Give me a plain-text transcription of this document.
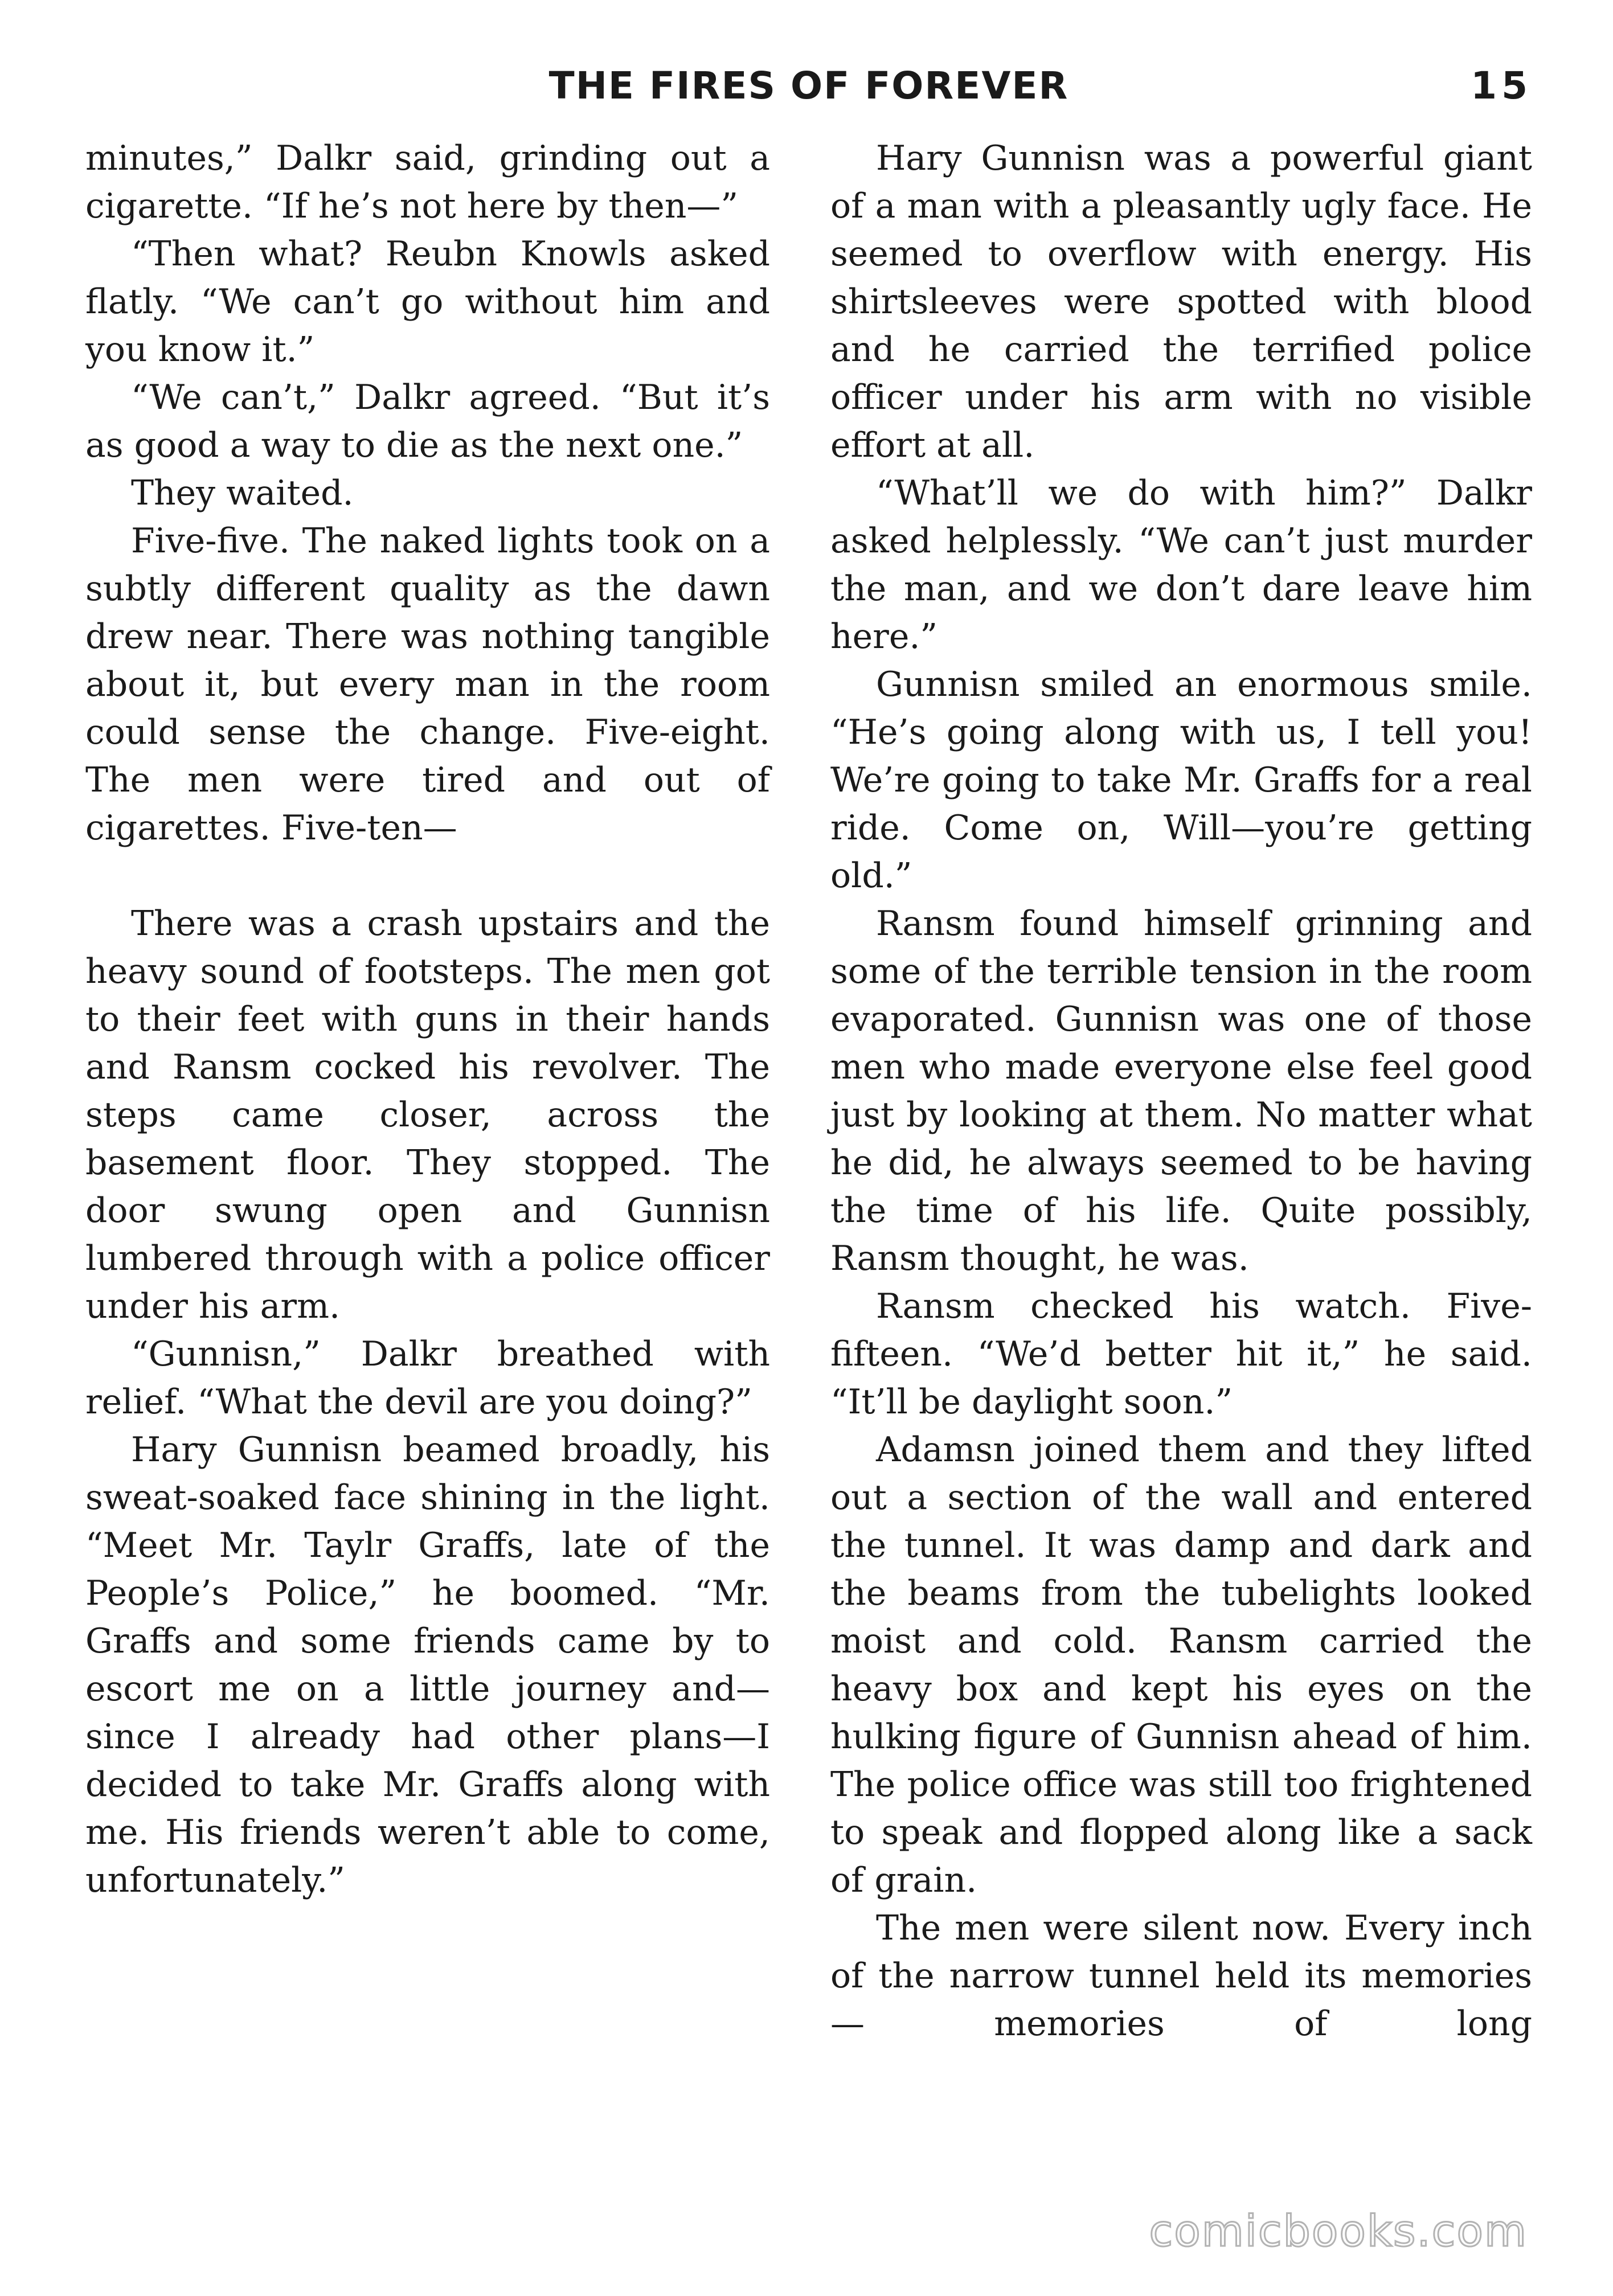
THE FIRES OF FOREVER	15

minutes,” Dalkr said, grinding out a cigarette. “If he’s not here by then—”

“Then what? Reubn Knowls asked flatly. “We can’t go without him and you know it.”

“We can’t,” Dalkr agreed. “But it’s as good a way to die as the next one.”

They waited.

Five-five. The naked lights took on a subtly different quality as the dawn drew near. There was nothing tangible about it, but every man in the room could sense the change. Five-eight. The men were tired and out of cigarettes. Five-ten—

There was a crash upstairs and the heavy sound of footsteps. The men got to their feet with guns in their hands and Ransm cocked his revolver. The steps came closer, across the basement floor. They stopped. The door swung open and Gunnisn lumbered through with a police officer under his arm.

“Gunnisn,” Dalkr breathed with relief. “What the devil are you doing?”

Hary Gunnisn beamed broadly, his sweat-soaked face shining in the light. “Meet Mr. Taylr Graffs, late of the People’s Police,” he boomed. “Mr. Graffs and some friends came by to escort me on a little journey and—since I already had other plans—I decided to take Mr. Graffs along with me. His friends weren’t able to come, unfortunately.”

Hary Gunnisn was a powerful giant of a man with a pleasantly ugly face. He seemed to overflow with energy. His shirtsleeves were spotted with blood and he carried the terrified police officer under his arm with no visible effort at all.

“What’ll we do with him?” Dalkr asked helplessly. “We can’t just murder the man, and we don’t dare leave him here.”

Gunnisn smiled an enormous smile. “He’s going along with us, I tell you! We’re going to take Mr. Graffs for a real ride. Come on, Will—you’re getting old.”

Ransm found himself grinning and some of the terrible tension in the room evaporated. Gunnisn was one of those men who made everyone else feel good just by looking at them. No matter what he did, he always seemed to be having the time of his life. Quite possibly, Ransm thought, he was.

Ransm checked his watch. Five-fifteen. “We’d better hit it,” he said. “It’ll be daylight soon.”

Adamsn joined them and they lifted out a section of the wall and entered the tunnel. It was damp and dark and the beams from the tubelights looked moist and cold. Ransm carried the heavy box and kept his eyes on the hulking figure of Gunnisn ahead of him. The police office was still too frightened to speak and flopped along like a sack of grain.

The men were silent now. Every inch of the narrow tunnel held its memories — memories of long

comicbooks.com
